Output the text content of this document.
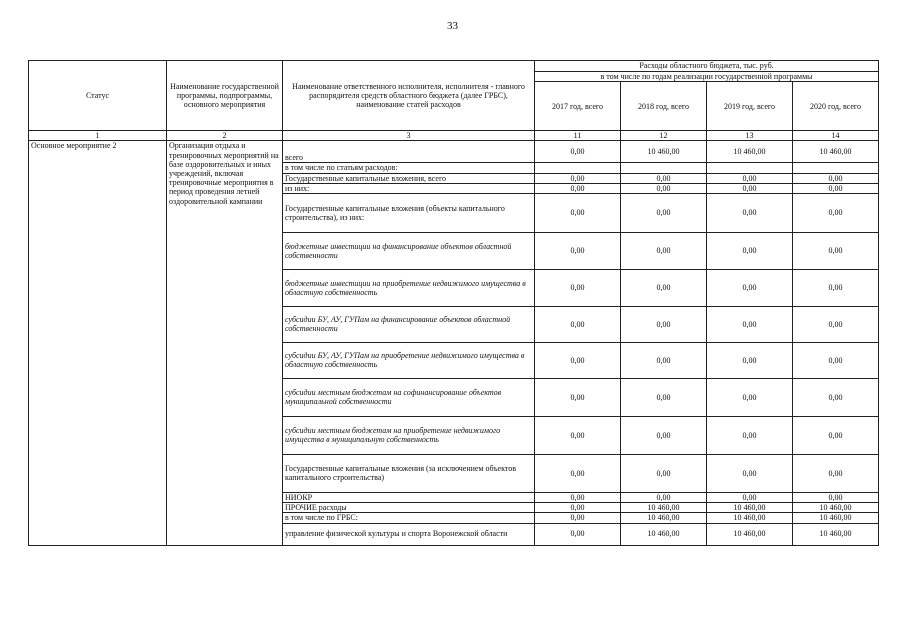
33
Статус	Наименование государственной программы, подпрограммы, основного мероприятия	Наименование ответственного исполнителя, исполнителя - главного распорядителя средств областного бюджета (далее ГРБС), наименование статей расходов	Расходы областного бюджета, тыс. руб.			
			в том числе по годам реализации государственной программы			
			2017 год, всего	2018 год, всего	2019 год, всего	2020 год, всего
1	2	3	11	12	13	14
Основное мероприятие 2	Организация отдыха и тренировочных мероприятий на базе оздоровительных и иных учреждений, включая тренировочные мероприятия в период проведения летней оздоровительной кампании	всего	0,00	10 460,00	10 460,00	10 460,00
		в том числе по статьям расходов:				
		Государственные капитальные вложения, всего	0,00	0,00	0,00	0,00
		из них:	0,00	0,00	0,00	0,00
		Государственные капитальные вложения (объекты капитального строительства), из них:	0,00	0,00	0,00	0,00
		бюджетные инвестиции на финансирование объектов областной собственности	0,00	0,00	0,00	0,00
		бюджетные инвестиции на приобретение недвижимого имущества в областную собственность	0,00	0,00	0,00	0,00
		субсидии БУ, АУ, ГУПам на финансирование объектов областной собственности	0,00	0,00	0,00	0,00
		субсидии БУ, АУ, ГУПам на приобретение недвижимого имущества в областную собственность	0,00	0,00	0,00	0,00
		субсидии местным бюджетам на софинансирование объектов муниципальной собственности	0,00	0,00	0,00	0,00
		субсидии местным бюджетам на приобретение недвижимого имущества в муниципальную собственность	0,00	0,00	0,00	0,00
		Государственные капитальные вложения (за исключением объектов капитального строительства)	0,00	0,00	0,00	0,00
		НИОКР	0,00	0,00	0,00	0,00
		ПРОЧИЕ расходы	0,00	10 460,00	10 460,00	10 460,00
		в том числе по ГРБС:	0,00	10 460,00	10 460,00	10 460,00
		управление физической культуры и спорта Воронежской области	0,00	10 460,00	10 460,00	10 460,00
